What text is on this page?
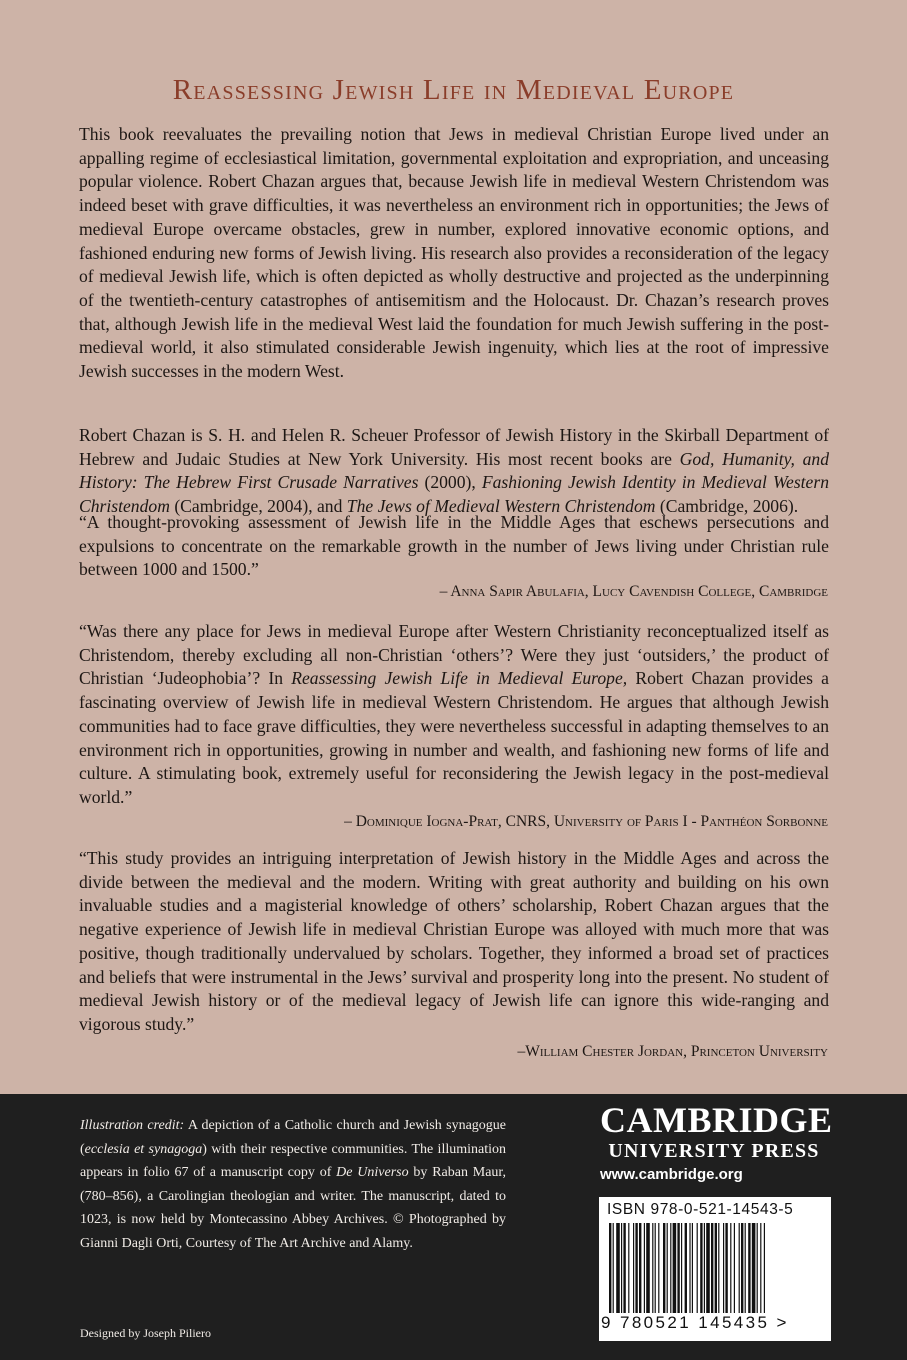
Reassessing Jewish Life in Medieval Europe

This book reevaluates the prevailing notion that Jews in medieval Christian Europe lived under an appalling regime of ecclesiastical limitation, governmental exploitation and expropriation, and unceasing popular violence. Robert Chazan argues that, because Jewish life in medieval Western Christendom was indeed beset with grave difficulties, it was nevertheless an environment rich in opportunities; the Jews of medieval Europe overcame obstacles, grew in number, explored innovative economic options, and fashioned enduring new forms of Jewish living. His research also provides a reconsideration of the legacy of medieval Jewish life, which is often depicted as wholly destructive and projected as the underpinning of the twentieth-century catastrophes of antisemitism and the Holocaust. Dr. Chazan’s research proves that, although Jewish life in the medieval West laid the foundation for much Jewish suffering in the post-medieval world, it also stimulated considerable Jewish ingenuity, which lies at the root of impressive Jewish successes in the modern West.

Robert Chazan is S. H. and Helen R. Scheuer Professor of Jewish History in the Skirball Department of Hebrew and Judaic Studies at New York University. His most recent books are God, Humanity, and History: The Hebrew First Crusade Narratives (2000), Fashioning Jewish Identity in Medieval Western Christendom (Cambridge, 2004), and The Jews of Medieval Western Christendom (Cambridge, 2006).

“A thought-provoking assessment of Jewish life in the Middle Ages that eschews persecutions and expulsions to concentrate on the remarkable growth in the number of Jews living under Christian rule between 1000 and 1500.”

– Anna Sapir Abulafia, Lucy Cavendish College, Cambridge

“Was there any place for Jews in medieval Europe after Western Christianity reconceptualized itself as Christendom, thereby excluding all non-Christian ‘others’? Were they just ‘outsiders,’ the product of Christian ‘Judeophobia’? In Reassessing Jewish Life in Medieval Europe, Robert Chazan provides a fascinating overview of Jewish life in medieval Western Christendom. He argues that although Jewish communities had to face grave difficulties, they were nevertheless successful in adapting themselves to an environment rich in opportunities, growing in number and wealth, and fashioning new forms of life and culture. A stimulating book, extremely useful for reconsidering the Jewish legacy in the post-medieval world.”

– Dominique Iogna-Prat, CNRS, University of Paris I - Panthéon Sorbonne

“This study provides an intriguing interpretation of Jewish history in the Middle Ages and across the divide between the medieval and the modern. Writing with great authority and building on his own invaluable studies and a magisterial knowledge of others’ scholarship, Robert Chazan argues that the negative experience of Jewish life in medieval Christian Europe was alloyed with much more that was positive, though traditionally undervalued by scholars. Together, they informed a broad set of practices and beliefs that were instrumental in the Jews’ survival and prosperity long into the present. No student of medieval Jewish history or of the medieval legacy of Jewish life can ignore this wide-ranging and vigorous study.”

–William Chester Jordan, Princeton University

Illustration credit: A depiction of a Catholic church and Jewish synagogue (ecclesia et synagoga) with their respective communities. The illumination appears in folio 67 of a manuscript copy of De Universo by Raban Maur, (780–856), a Carolingian theologian and writer. The manuscript, dated to 1023, is now held by Montecassino Abbey Archives. © Photographed by Gianni Dagli Orti, Courtesy of The Art Archive and Alamy.

Designed by Joseph Piliero
CAMBRIDGE
UNIVERSITY PRESS
www.cambridge.org
ISBN 978-0-521-14543-5
9 780521 145435 >
